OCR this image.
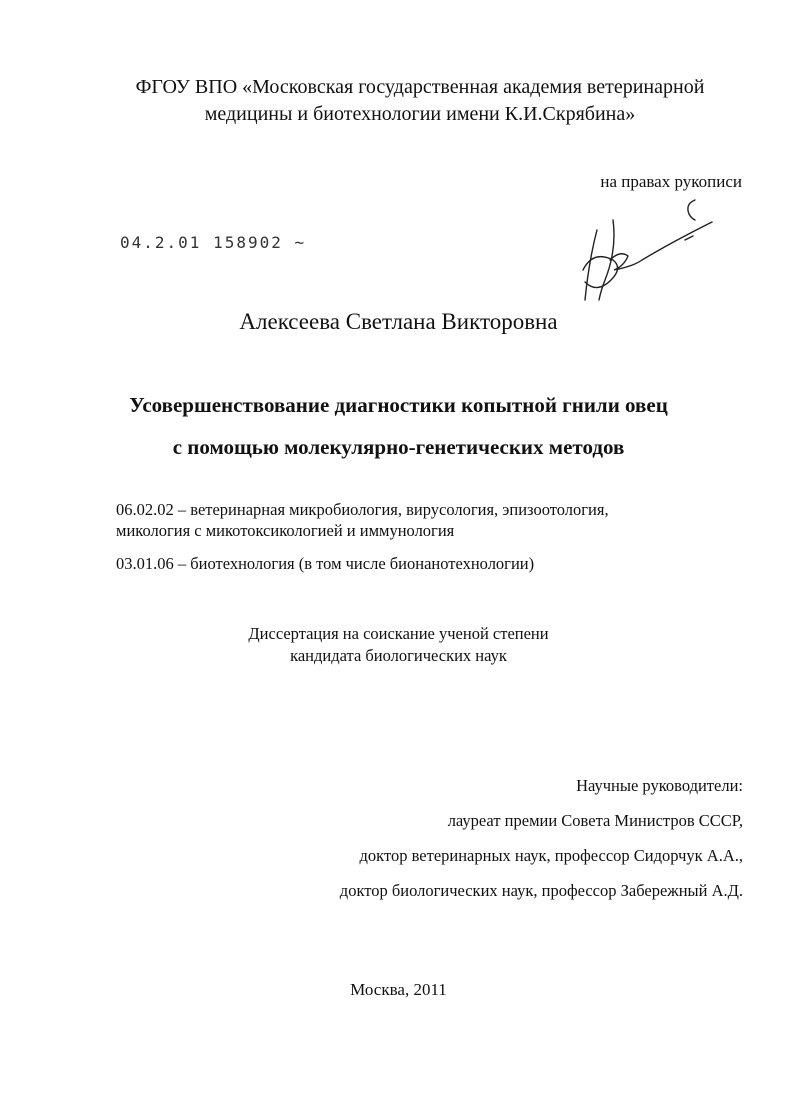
ФГОУ ВПО «Московская государственная академия ветеринарной
медицины и биотехнологии имени К.И.Скрябина»
на правах рукописи
04.2.01 158902 ~
Алексеева Светлана Викторовна
Усовершенствование диагностики копытной гнили овец
с помощью молекулярно-генетических методов
06.02.02 – ветеринарная микробиология, вирусология, эпизоотология,
микология с микотоксикологией и иммунология
03.01.06 – биотехнология (в том числе бионанотехнологии)
Диссертация на соискание ученой степени
кандидата биологических наук
Научные руководители:
лауреат премии Совета Министров СССР,
доктор ветеринарных наук, профессор Сидорчук А.А.,
доктор биологических наук, профессор Забережный А.Д.
Москва, 2011
